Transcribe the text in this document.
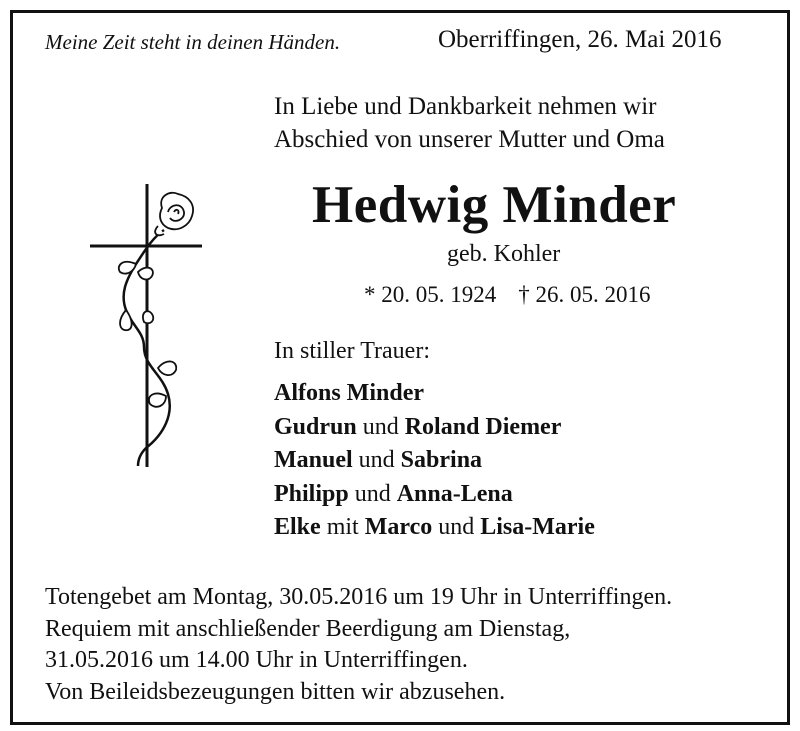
Meine Zeit steht in deinen Händen.	Oberriffingen, 26. Mai 2016
In Liebe und Dankbarkeit nehmen wir
Abschied von unserer Mutter und Oma
Hedwig Minder
geb. Kohler
* 20. 05. 1924 † 26. 05. 2016
In stiller Trauer:
Alfons Minder
Gudrun und Roland Diemer
Manuel und Sabrina
Philipp und Anna-Lena
Elke mit Marco und Lisa-Marie
Totengebet am Montag, 30.05.2016 um 19 Uhr in Unterriffingen.
Requiem mit anschließender Beerdigung am Dienstag,
31.05.2016 um 14.00 Uhr in Unterriffingen.
Von Beileidsbezeugungen bitten wir abzusehen.
